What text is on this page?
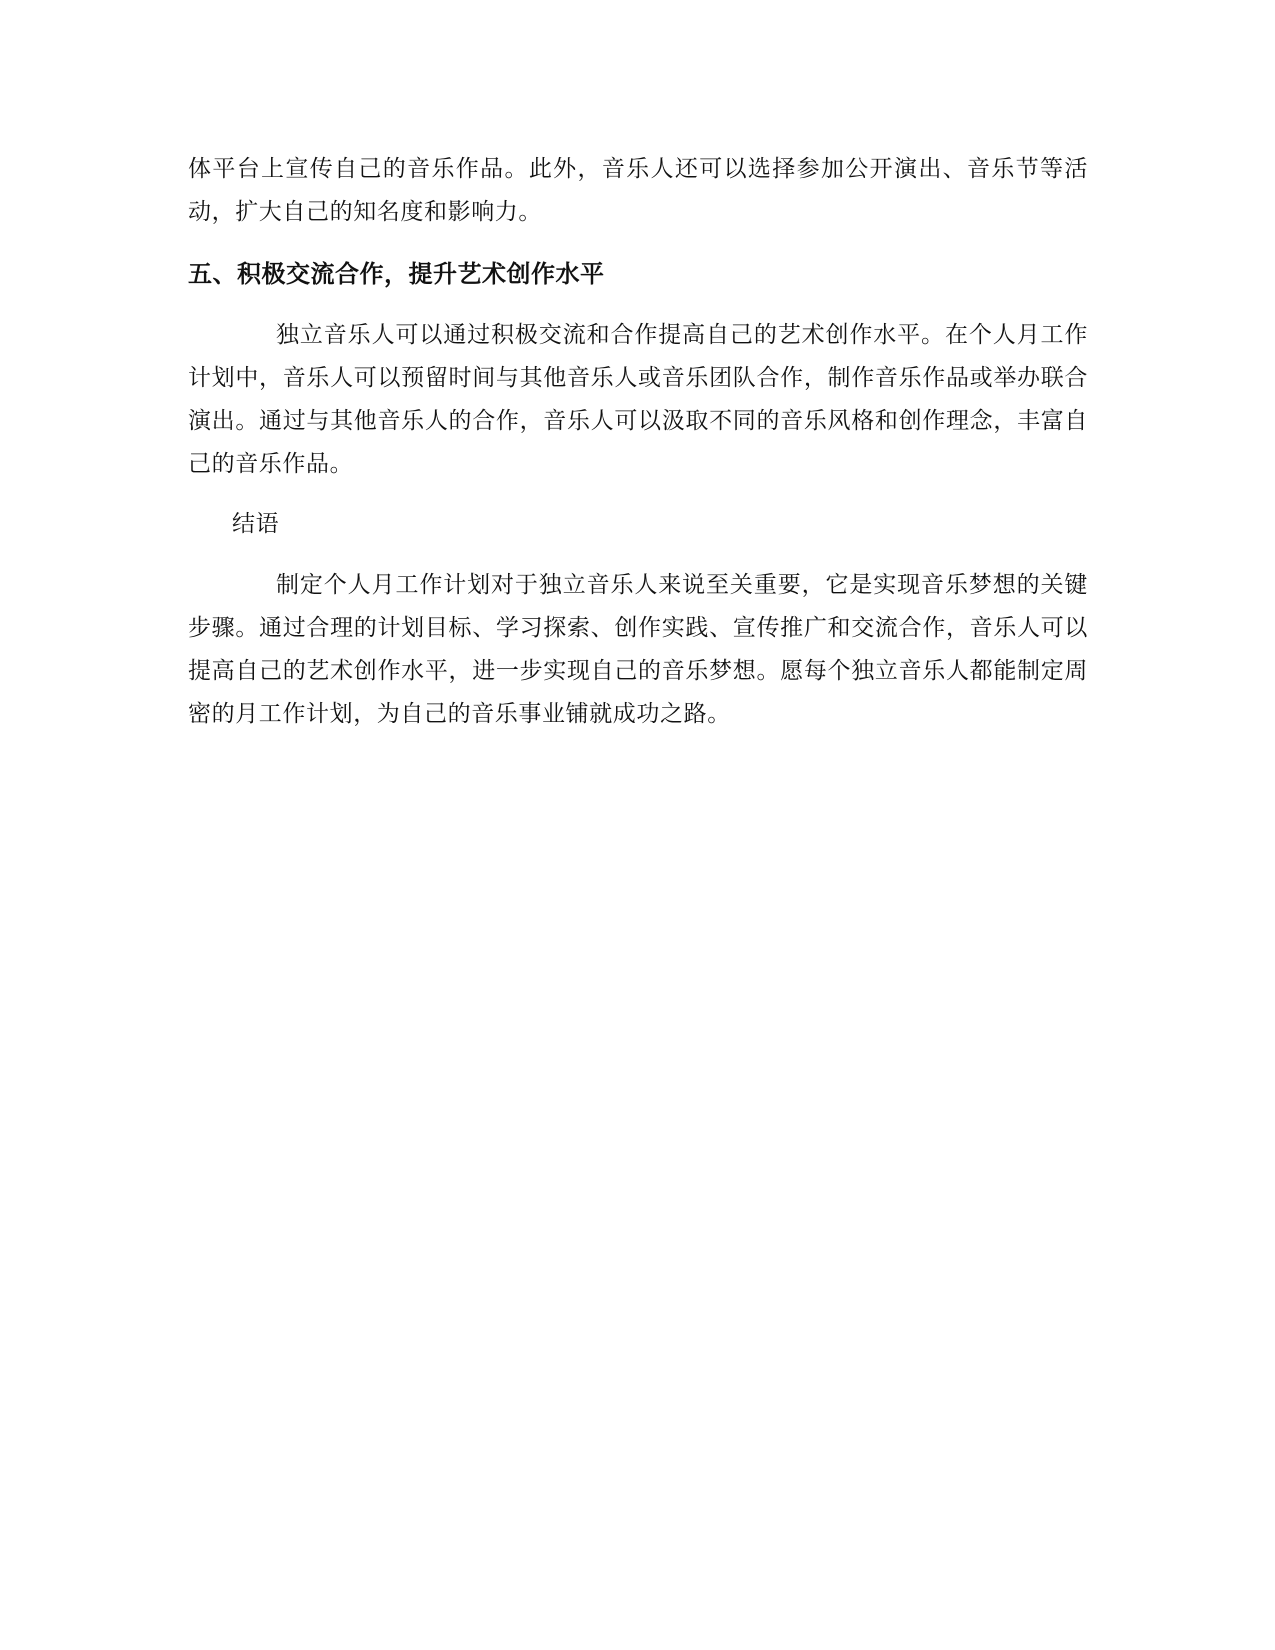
体平台上宣传自己的音乐作品。此外，音乐人还可以选择参加公开演出、音乐节等活动，扩大自己的知名度和影响力。

五、积极交流合作，提升艺术创作水平

独立音乐人可以通过积极交流和合作提高自己的艺术创作水平。在个人月工作计划中，音乐人可以预留时间与其他音乐人或音乐团队合作，制作音乐作品或举办联合演出。通过与其他音乐人的合作，音乐人可以汲取不同的音乐风格和创作理念，丰富自己的音乐作品。

结语

制定个人月工作计划对于独立音乐人来说至关重要，它是实现音乐梦想的关键步骤。通过合理的计划目标、学习探索、创作实践、宣传推广和交流合作，音乐人可以提高自己的艺术创作水平，进一步实现自己的音乐梦想。愿每个独立音乐人都能制定周密的月工作计划，为自己的音乐事业铺就成功之路。
